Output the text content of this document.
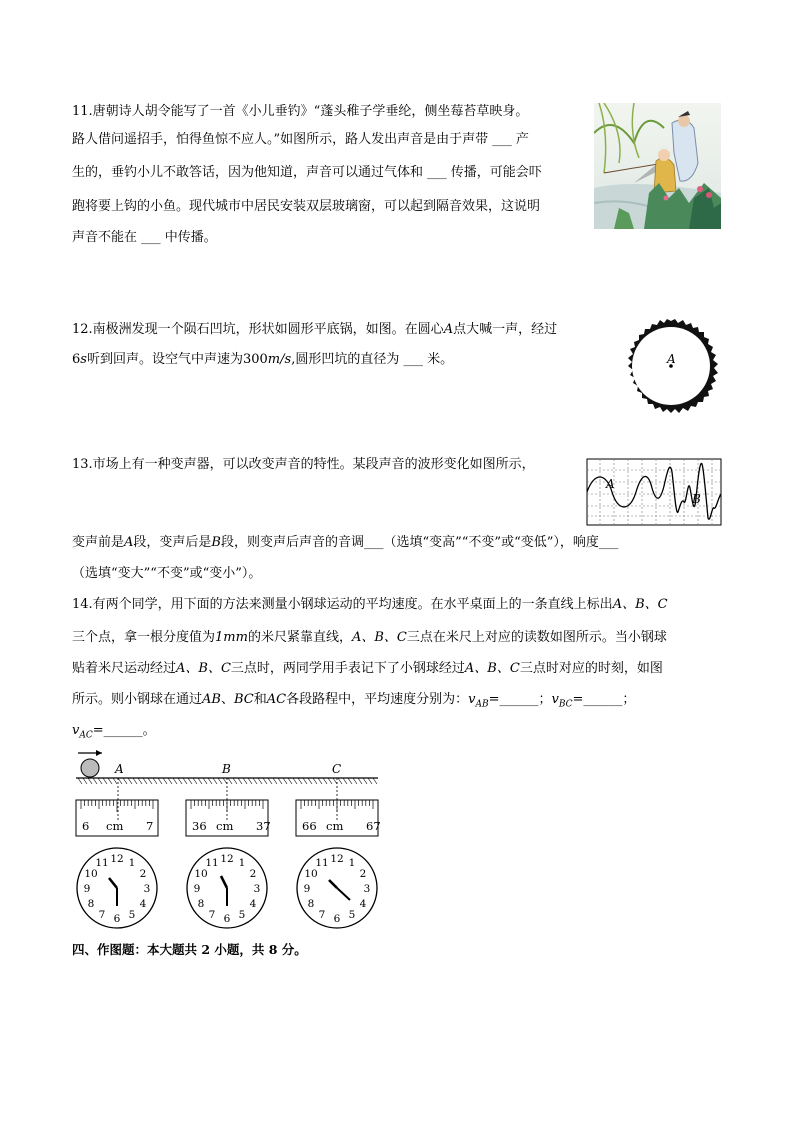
11.唐朝诗人胡令能写了一首《小儿垂钓》“蓬头稚子学垂纶，侧坐莓苔草映身。
路人借问遥招手，怕得鱼惊不应人。”如图所示，路人发出声音是由于声带 ___ 产
生的，垂钓小儿不敢答话，因为他知道，声音可以通过气体和 ___ 传播，可能会吓
跑将要上钩的小鱼。现代城市中居民安装双层玻璃窗，可以起到隔音效果，这说明
声音不能在 ___ 中传播。
12.南极洲发现一个陨石凹坑，形状如圆形平底锅，如图。在圆心A点大喊一声，经过
6s听到回声。设空气中声速为300m/s,圆形凹坑的直径为 ___ 米。	A
13.市场上有一种变声器，可以改变声音的特性。某段声音的波形变化如图所示，
A
B
变声前是A段，变声后是B段，则变声后声音的音调___（选填“变高”“不变”或“变低”），响度___
（选填“变大”“不变”或“变小”）。
14.有两个同学，用下面的方法来测量小钢球运动的平均速度。在水平桌面上的一条直线上标出A、B、C
三个点，拿一根分度值为1mm的米尺紧靠直线，A、B、C三点在米尺上对应的读数如图所示。当小钢球
贴着米尺运动经过A、B、C三点时，两同学用手表记下了小钢球经过A、B、C三点时对应的时刻，如图
所示。则小钢球在通过AB、BC和AC各段路程中，平均速度分别为：$v_{AB}=\_\_\_\_\_\_$；$v_{BC}=\_\_\_\_\_\_$；
$v_{AC}=\_\_\_\_\_\_$。
A	B	C
6 cm 7	36 cm 37	66 cm 67
1
2
3
4
5
6
7
8
9
10
11 12	1
2
3
4
5
6
7
8
9
10
11 12	1
2
3
4
5
6
7
8
9
10
11 12
四、作图题：本大题共 2 小题，共 8 分。
